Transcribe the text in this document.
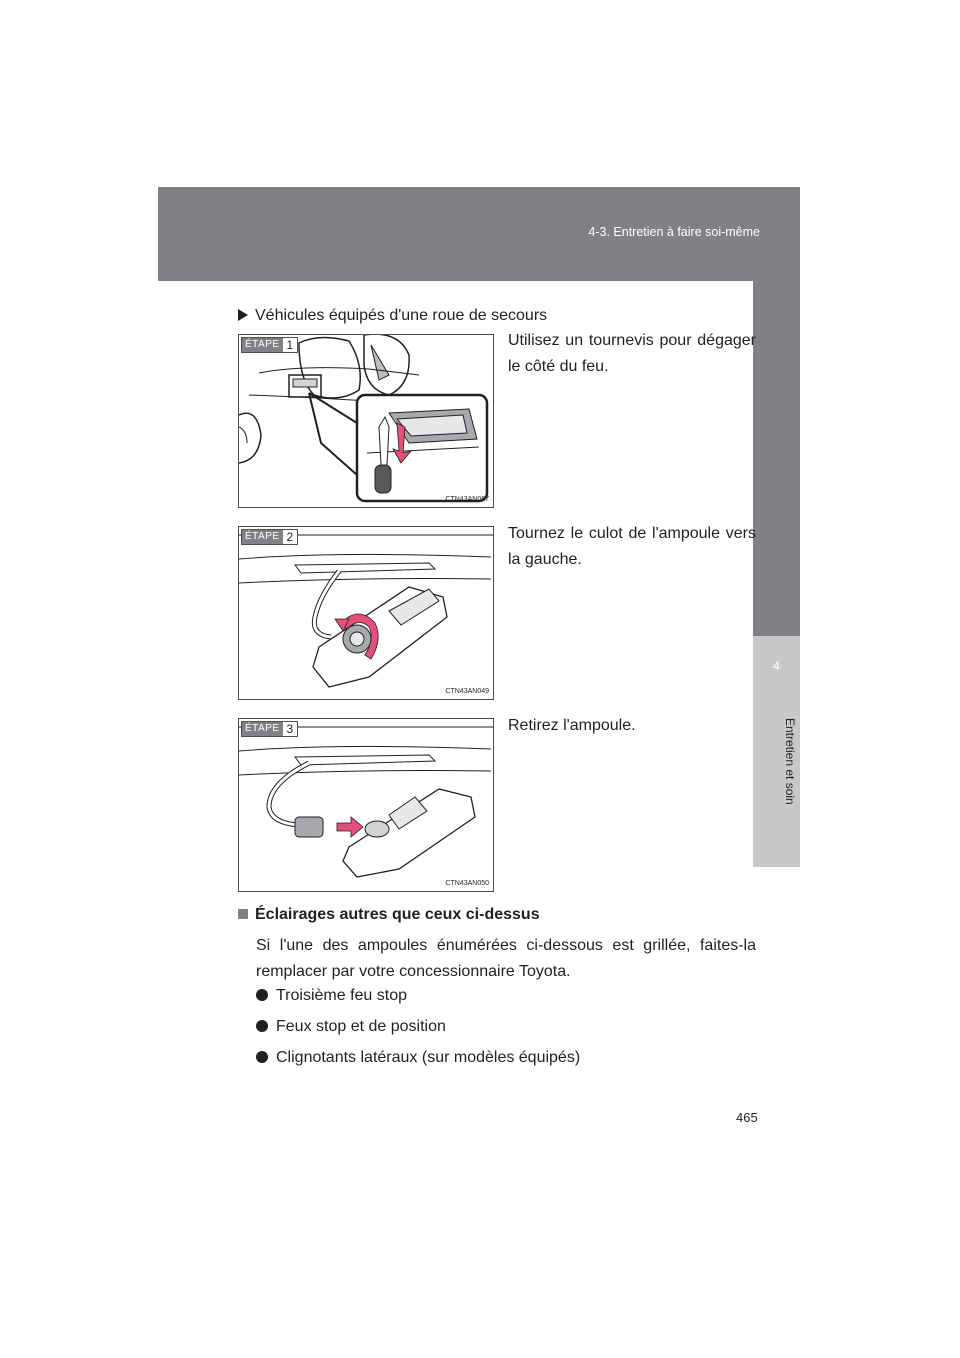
4-3. Entretien à faire soi-même
4
Entretien et soin
Véhicules équipés d'une roue de secours
ÉTAPE 1
CTN43AN067
Utilisez un tournevis pour dégager le côté du feu.
ÉTAPE 2
CTN43AN049
Tournez le culot de l'ampoule vers la gauche.
ÉTAPE 3
CTN43AN050
Retirez l'ampoule.
Éclairages autres que ceux ci-dessus
Si l'une des ampoules énumérées ci-dessous est grillée, faites-la remplacer par votre concessionnaire Toyota.
Troisième feu stop
Feux stop et de position
Clignotants latéraux (sur modèles équipés)
465
